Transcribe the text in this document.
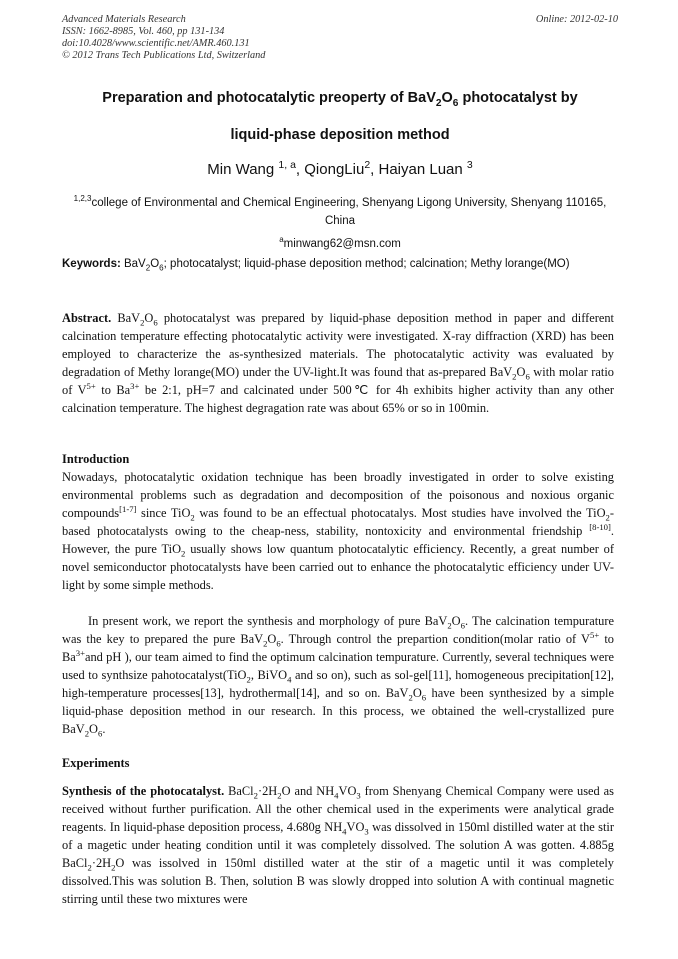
Advanced Materials Research
ISSN: 1662-8985, Vol. 460, pp 131-134
doi:10.4028/www.scientific.net/AMR.460.131
© 2012 Trans Tech Publications Ltd, Switzerland
Online: 2012-02-10
Preparation and photocatalytic preoperty of $BaV_2O_6$ photocatalyst by
liquid-phase deposition method
Min Wang $^{1, a}$, QiongLiu$^2$, Haiyan Luan $^3$
$^{1,2,3}$college of Environmental and Chemical Engineering, Shenyang Ligong University, Shenyang 110165, China
$^a$minwang62@msn.com
Keywords: $BaV_2O_6$; photocatalyst; liquid-phase deposition method; calcination; Methy lorange(MO)
Abstract. $BaV_2O_6$ photocatalyst was prepared by liquid-phase deposition method in paper and different calcination temperature effecting photocatalytic activity were investigated. X-ray diffraction (XRD) has been employed to characterize the as-synthesized materials. The photocatalytic activity was evaluated by degradation of Methy lorange(MO) under the UV-light.It was found that as-prepared $BaV_2O_6$ with molar ratio of $V^{5+}$ to $Ba^{3+}$ be 2:1, pH=7 and calcinated under 500℃ for 4h exhibits higher activity than any other calcination temperature. The highest degragation rate was about 65% or so in 100min.
Introduction
Nowadays, photocatalytic oxidation technique has been broadly investigated in order to solve existing environmental problems such as degradation and decomposition of the poisonous and noxious organic compounds[1-7] since TiO$_2$ was found to be an effectual photocatalys. Most studies have involved the TiO$_2$-based photocatalysts owing to the cheap-ness, stability, nontoxicity and environmental friendship [8-10]. However, the pure TiO$_2$ usually shows low quantum photocatalytic efficiency. Recently, a great number of novel semiconductor photocatalysts have been carried out to enhance the photocatalytic efficiency under UV-light by some simple methods.
In present work, we report the synthesis and morphology of pure $BaV_2O_6$. The calcination tempurature was the key to prepared the pure $BaV_2O_6$. Through control the prepartion condition(molar ratio of $V^{5+}$ to $Ba^{3+}and$ pH ), our team aimed to find the optimum calcination tempurature. Currently, several techniques were used to synthsize pahotocatalyst(TiO$_2$, BiVO$_4$ and so on), such as sol-gel[11], homogeneous precipitation[12], high-temperature processes[13], hydrothermal[14], and so on. $BaV_2O_6$ have been synthesized by a simple liquid-phase deposition method in our research. In this process, we obtained the well-crystallized pure $BaV_2O_6$.
Experiments
Synthesis of the photocatalyst. $BaCl_2\cdot 2H_2O$ and $NH_4VO_3$ from Shenyang Chemical Company were used as received without further purification. All the other chemical used in the experiments were analytical grade reagents. In liquid-phase deposition process, 4.680g $NH_4VO_3$ was dissolved in 150ml distilled water at the stir of a magetic under heating condition until it was completely dissolved. The solution A was gotten. 4.885g $BaCl_2\cdot 2H_2O$ was issolved in 150ml distilled water at the stir of a magetic until it was completely dissolved.This was solution B. Then, solution B was slowly dropped into solution A with continual magnetic stirring until these two mixtures were
